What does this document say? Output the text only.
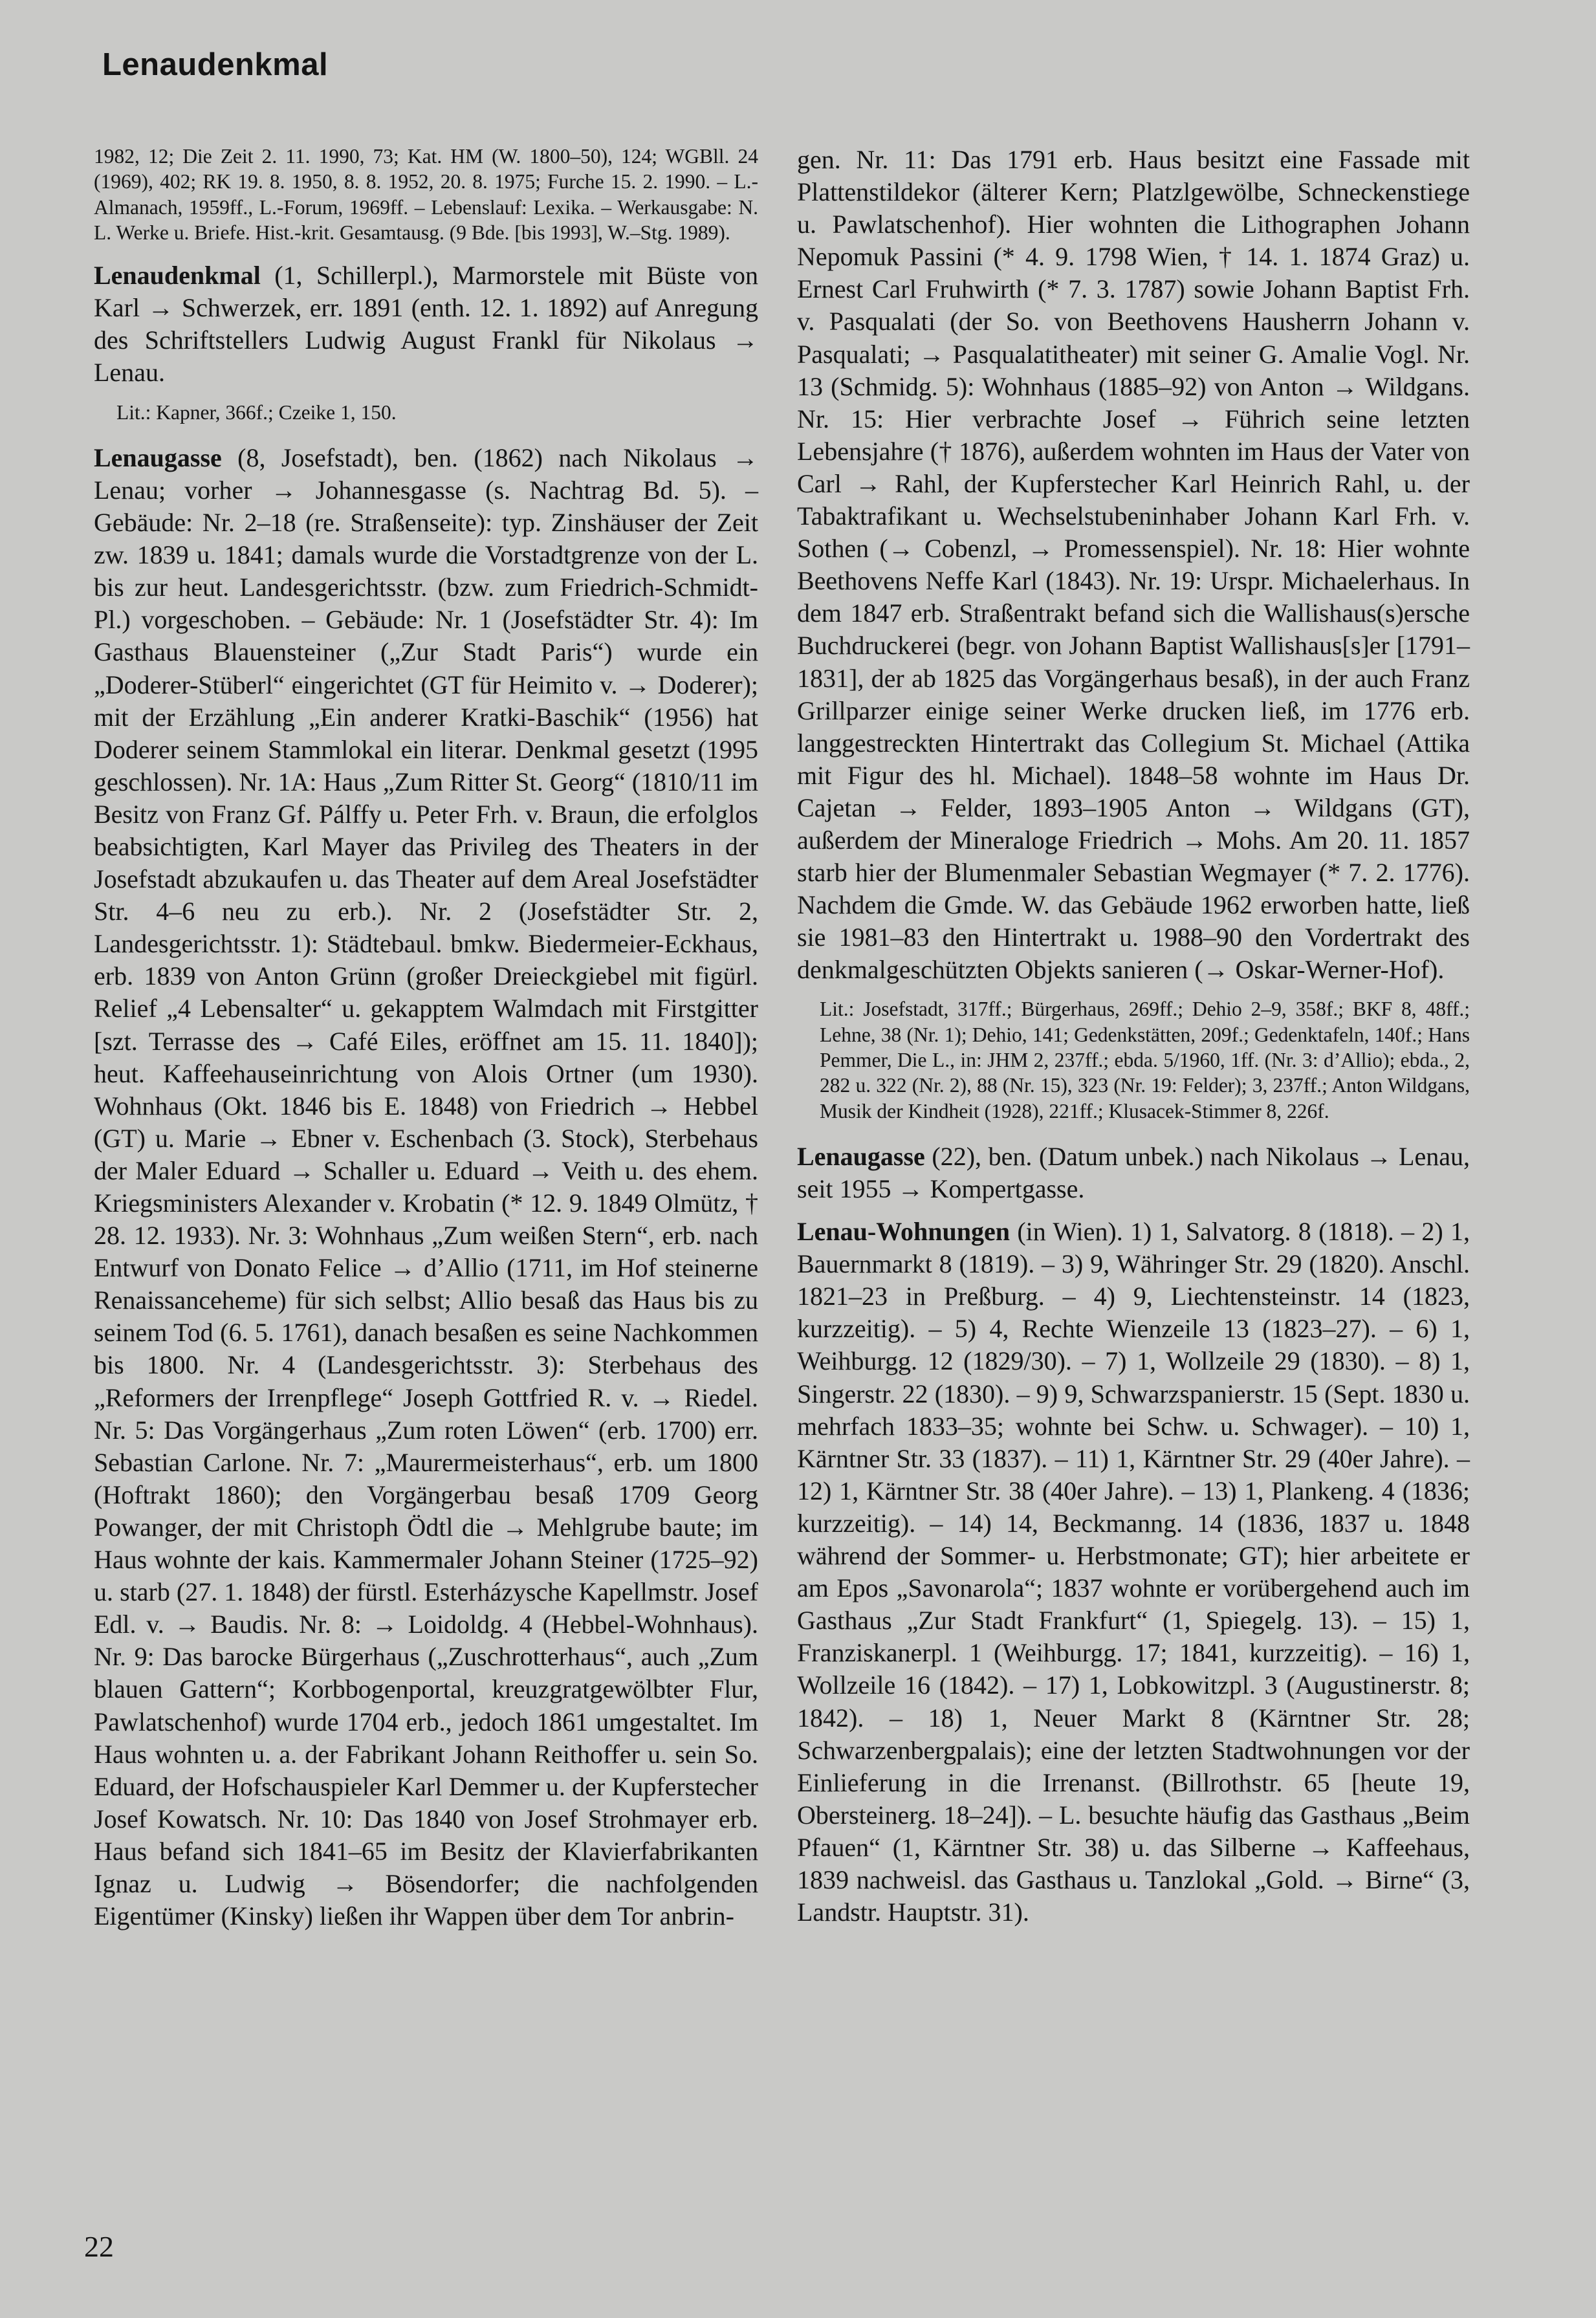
Lenaudenkmal

1982, 12; Die Zeit 2. 11. 1990, 73; Kat. HM (W. 1800–50), 124; WGBll. 24 (1969), 402; RK 19. 8. 1950, 8. 8. 1952, 20. 8. 1975; Furche 15. 2. 1990. – L.-Almanach, 1959ff., L.-Forum, 1969ff. – Lebenslauf: Lexika. – Werkausgabe: N. L. Werke u. Briefe. Hist.-krit. Gesamtausg. (9 Bde. [bis 1993], W.–Stg. 1989).

Lenaudenkmal (1, Schillerpl.), Marmorstele mit Büste von Karl → Schwerzek, err. 1891 (enth. 12. 1. 1892) auf Anregung des Schriftstellers Ludwig August Frankl für Nikolaus → Lenau.

Lit.: Kapner, 366f.; Czeike 1, 150.

Lenaugasse (8, Josefstadt), ben. (1862) nach Nikolaus → Lenau; vorher → Johannesgasse (s. Nachtrag Bd. 5). – Gebäude: Nr. 2–18 (re. Straßenseite): typ. Zinshäuser der Zeit zw. 1839 u. 1841; damals wurde die Vorstadtgrenze von der L. bis zur heut. Landesgerichtsstr. (bzw. zum Friedrich-Schmidt-Pl.) vorgeschoben. – Gebäude: Nr. 1 (Josefstädter Str. 4): Im Gasthaus Blauensteiner („Zur Stadt Paris“) wurde ein „Doderer-Stüberl“ eingerichtet (GT für Heimito v. → Doderer); mit der Erzählung „Ein anderer Kratki-Baschik“ (1956) hat Doderer seinem Stammlokal ein literar. Denkmal gesetzt (1995 geschlossen). Nr. 1A: Haus „Zum Ritter St. Georg“ (1810/11 im Besitz von Franz Gf. Pálffy u. Peter Frh. v. Braun, die erfolglos beabsichtigten, Karl Mayer das Privileg des Theaters in der Josefstadt abzukaufen u. das Theater auf dem Areal Josefstädter Str. 4–6 neu zu erb.). Nr. 2 (Josefstädter Str. 2, Landesgerichtsstr. 1): Städtebaul. bmkw. Biedermeier-Eckhaus, erb. 1839 von Anton Grünn (großer Dreieckgiebel mit figürl. Relief „4 Lebensalter“ u. gekapptem Walmdach mit Firstgitter [szt. Terrasse des → Café Eiles, eröffnet am 15. 11. 1840]); heut. Kaffeehauseinrichtung von Alois Ortner (um 1930). Wohnhaus (Okt. 1846 bis E. 1848) von Friedrich → Hebbel (GT) u. Marie → Ebner v. Eschenbach (3. Stock), Sterbehaus der Maler Eduard → Schaller u. Eduard → Veith u. des ehem. Kriegsministers Alexander v. Krobatin (* 12. 9. 1849 Olmütz, † 28. 12. 1933). Nr. 3: Wohnhaus „Zum weißen Stern“, erb. nach Entwurf von Donato Felice → d’Allio (1711, im Hof steinerne Renaissanceheme) für sich selbst; Allio besaß das Haus bis zu seinem Tod (6. 5. 1761), danach besaßen es seine Nachkommen bis 1800. Nr. 4 (Landesgerichtsstr. 3): Sterbehaus des „Reformers der Irrenpflege“ Joseph Gottfried R. v. → Riedel. Nr. 5: Das Vorgängerhaus „Zum roten Löwen“ (erb. 1700) err. Sebastian Carlone. Nr. 7: „Maurermeisterhaus“, erb. um 1800 (Hoftrakt 1860); den Vorgängerbau besaß 1709 Georg Powanger, der mit Christoph Ödtl die → Mehlgrube baute; im Haus wohnte der kais. Kammermaler Johann Steiner (1725–92) u. starb (27. 1. 1848) der fürstl. Esterházysche Kapellmstr. Josef Edl. v. → Baudis. Nr. 8: → Loidoldg. 4 (Hebbel-Wohnhaus). Nr. 9: Das barocke Bürgerhaus („Zuschrotterhaus“, auch „Zum blauen Gattern“; Korbbogenportal, kreuzgratgewölbter Flur, Pawlatschenhof) wurde 1704 erb., jedoch 1861 umgestaltet. Im Haus wohnten u. a. der Fabrikant Johann Reithoffer u. sein So. Eduard, der Hofschauspieler Karl Demmer u. der Kupferstecher Josef Kowatsch. Nr. 10: Das 1840 von Josef Strohmayer erb. Haus befand sich 1841–65 im Besitz der Klavierfabrikanten Ignaz u. Ludwig → Bösendorfer; die nachfolgenden Eigentümer (Kinsky) ließen ihr Wappen über dem Tor anbrin-

gen. Nr. 11: Das 1791 erb. Haus besitzt eine Fassade mit Plattenstildekor (älterer Kern; Platzlgewölbe, Schneckenstiege u. Pawlatschenhof). Hier wohnten die Lithographen Johann Nepomuk Passini (* 4. 9. 1798 Wien, † 14. 1. 1874 Graz) u. Ernest Carl Fruhwirth (* 7. 3. 1787) sowie Johann Baptist Frh. v. Pasqualati (der So. von Beethovens Hausherrn Johann v. Pasqualati; → Pasqualatitheater) mit seiner G. Amalie Vogl. Nr. 13 (Schmidg. 5): Wohnhaus (1885–92) von Anton → Wildgans. Nr. 15: Hier verbrachte Josef → Führich seine letzten Lebensjahre († 1876), außerdem wohnten im Haus der Vater von Carl → Rahl, der Kupferstecher Karl Heinrich Rahl, u. der Tabaktrafikant u. Wechselstubeninhaber Johann Karl Frh. v. Sothen (→ Cobenzl, → Promessenspiel). Nr. 18: Hier wohnte Beethovens Neffe Karl (1843). Nr. 19: Urspr. Michaelerhaus. In dem 1847 erb. Straßentrakt befand sich die Wallishaus(s)ersche Buchdruckerei (begr. von Johann Baptist Wallishaus[s]er [1791–1831], der ab 1825 das Vorgängerhaus besaß), in der auch Franz Grillparzer einige seiner Werke drucken ließ, im 1776 erb. langgestreckten Hintertrakt das Collegium St. Michael (Attika mit Figur des hl. Michael). 1848–58 wohnte im Haus Dr. Cajetan → Felder, 1893–1905 Anton → Wildgans (GT), außerdem der Mineraloge Friedrich → Mohs. Am 20. 11. 1857 starb hier der Blumenmaler Sebastian Wegmayer (* 7. 2. 1776). Nachdem die Gmde. W. das Gebäude 1962 erworben hatte, ließ sie 1981–83 den Hintertrakt u. 1988–90 den Vordertrakt des denkmalgeschützten Objekts sanieren (→ Oskar-Werner-Hof).

Lit.: Josefstadt, 317ff.; Bürgerhaus, 269ff.; Dehio 2–9, 358f.; BKF 8, 48ff.; Lehne, 38 (Nr. 1); Dehio, 141; Gedenkstätten, 209f.; Gedenktafeln, 140f.; Hans Pemmer, Die L., in: JHM 2, 237ff.; ebda. 5/1960, 1ff. (Nr. 3: d’Allio); ebda., 2, 282 u. 322 (Nr. 2), 88 (Nr. 15), 323 (Nr. 19: Felder); 3, 237ff.; Anton Wildgans, Musik der Kindheit (1928), 221ff.; Klusacek-Stimmer 8, 226f.

Lenaugasse (22), ben. (Datum unbek.) nach Nikolaus → Lenau, seit 1955 → Kompertgasse.

Lenau-Wohnungen (in Wien). 1) 1, Salvatorg. 8 (1818). – 2) 1, Bauernmarkt 8 (1819). – 3) 9, Währinger Str. 29 (1820). Anschl. 1821–23 in Preßburg. – 4) 9, Liechtensteinstr. 14 (1823, kurzzeitig). – 5) 4, Rechte Wienzeile 13 (1823–27). – 6) 1, Weihburgg. 12 (1829/30). – 7) 1, Wollzeile 29 (1830). – 8) 1, Singerstr. 22 (1830). – 9) 9, Schwarzspanierstr. 15 (Sept. 1830 u. mehrfach 1833–35; wohnte bei Schw. u. Schwager). – 10) 1, Kärntner Str. 33 (1837). – 11) 1, Kärntner Str. 29 (40er Jahre). – 12) 1, Kärntner Str. 38 (40er Jahre). – 13) 1, Plankeng. 4 (1836; kurzzeitig). – 14) 14, Beckmanng. 14 (1836, 1837 u. 1848 während der Sommer- u. Herbstmonate; GT); hier arbeitete er am Epos „Savonarola“; 1837 wohnte er vorübergehend auch im Gasthaus „Zur Stadt Frankfurt“ (1, Spiegelg. 13). – 15) 1, Franziskanerpl. 1 (Weihburgg. 17; 1841, kurzzeitig). – 16) 1, Wollzeile 16 (1842). – 17) 1, Lobkowitzpl. 3 (Augustinerstr. 8; 1842). – 18) 1, Neuer Markt 8 (Kärntner Str. 28; Schwarzenbergpalais); eine der letzten Stadtwohnungen vor der Einlieferung in die Irrenanst. (Billrothstr. 65 [heute 19, Obersteinerg. 18–24]). – L. besuchte häufig das Gasthaus „Beim Pfauen“ (1, Kärntner Str. 38) u. das Silberne → Kaffeehaus, 1839 nachweisl. das Gasthaus u. Tanzlokal „Gold. → Birne“ (3, Landstr. Hauptstr. 31).

22
